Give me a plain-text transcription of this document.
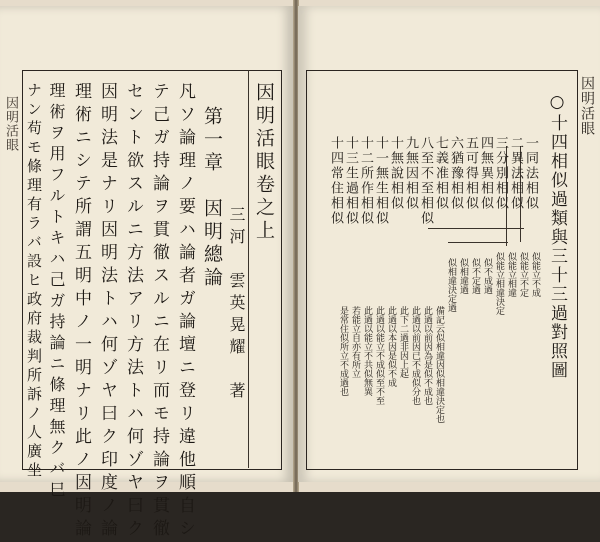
因明活眼	因明活眼卷之上
三河　雲英晃耀　著
第一章　因明總論
凡ソ論理ノ要ハ論者ガ論壇ニ登リ違他順自シ
テ己ガ持論ヲ貫徹スルニ在リ而モ持論ヲ貫徹
セント欲スルニ方法アリ方法トハ何ゾヤ曰ク
因明法是ナリ因明法トハ何ゾヤ曰ク印度ノ論
理術ニシテ所謂五明中ノ一明ナリ此ノ因明論
理術ヲ用フルトキハ己ガ持論ニ條理無クバ巳
ナン苟モ條理有ラバ設ヒ政府裁判所訴ノ人廣坐	因明活眼
○十四相似過類與三十三過對照圖
一同法相似
二異法相似
三分別相似
四無異相似
五可得相似
六猶豫相似
七義准相似
八至不至相似
九無因相似
十無說相似
十一無生相似
十二所作相似
十三生過相似
十四常住相似
似能立不成
似能立不定
似能立相違
似能立相違決定
似不成過
似不定過
似相違過
似相違決定過
備記云似相違因似相違決定也
此過以前因為是似不成也
此過以前因已不成似分也
此下二過非因上起
此過以本因是似不成
此過以能立不成似至不至
此過以能立不共似無異
若能立自亦有所立
是常住似所立不成過也
